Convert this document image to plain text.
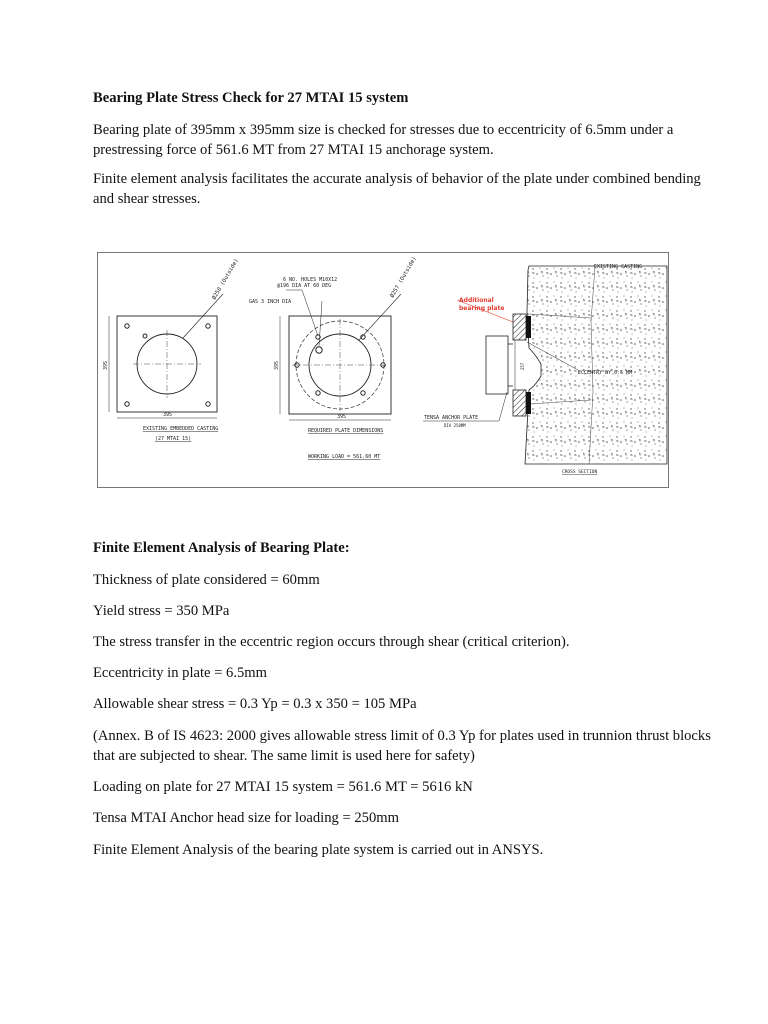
Bearing Plate Stress Check for 27 MTAI 15 system

Bearing plate of 395mm x 395mm size is checked for stresses due to eccentricity of 6.5mm under a prestressing force of 561.6 MT from 27 MTAI 15 anchorage system.

Finite element analysis facilitates the accurate analysis of behavior of the plate under combined bending and shear stresses.

Ø250 (Outside)
395
395
EXISTING EMBEDDED CASTING
(27 MTAI 15)
6 NO. HOLES M10X12
@196 DIA AT 60 DEG
GAS 3 INCH DIA
Ø257 (Outside)
395
395
REQUIRED PLATE DIMENSIONS
WORKING LOAD = 561.60 MT
257
Additional
bearing plate
ECCENTRY BY 6.5 MM
EXISTING CASTING
TENSA ANCHOR PLATE
DIA 250MM
CROSS SECTION

Finite Element Analysis of Bearing Plate:

Thickness of plate considered = 60mm

Yield stress = 350 MPa

The stress transfer in the eccentric region occurs through shear (critical criterion).

Eccentricity in plate = 6.5mm

Allowable shear stress = 0.3 Yp = 0.3 x 350 = 105 MPa

(Annex. B of IS 4623: 2000 gives allowable stress limit of 0.3 Yp for plates used in trunnion thrust blocks that are subjected to shear. The same limit is used here for safety)

Loading on plate for 27 MTAI 15 system = 561.6 MT = 5616 kN

Tensa MTAI Anchor head size for loading = 250mm

Finite Element Analysis of the bearing plate system is carried out in ANSYS.
